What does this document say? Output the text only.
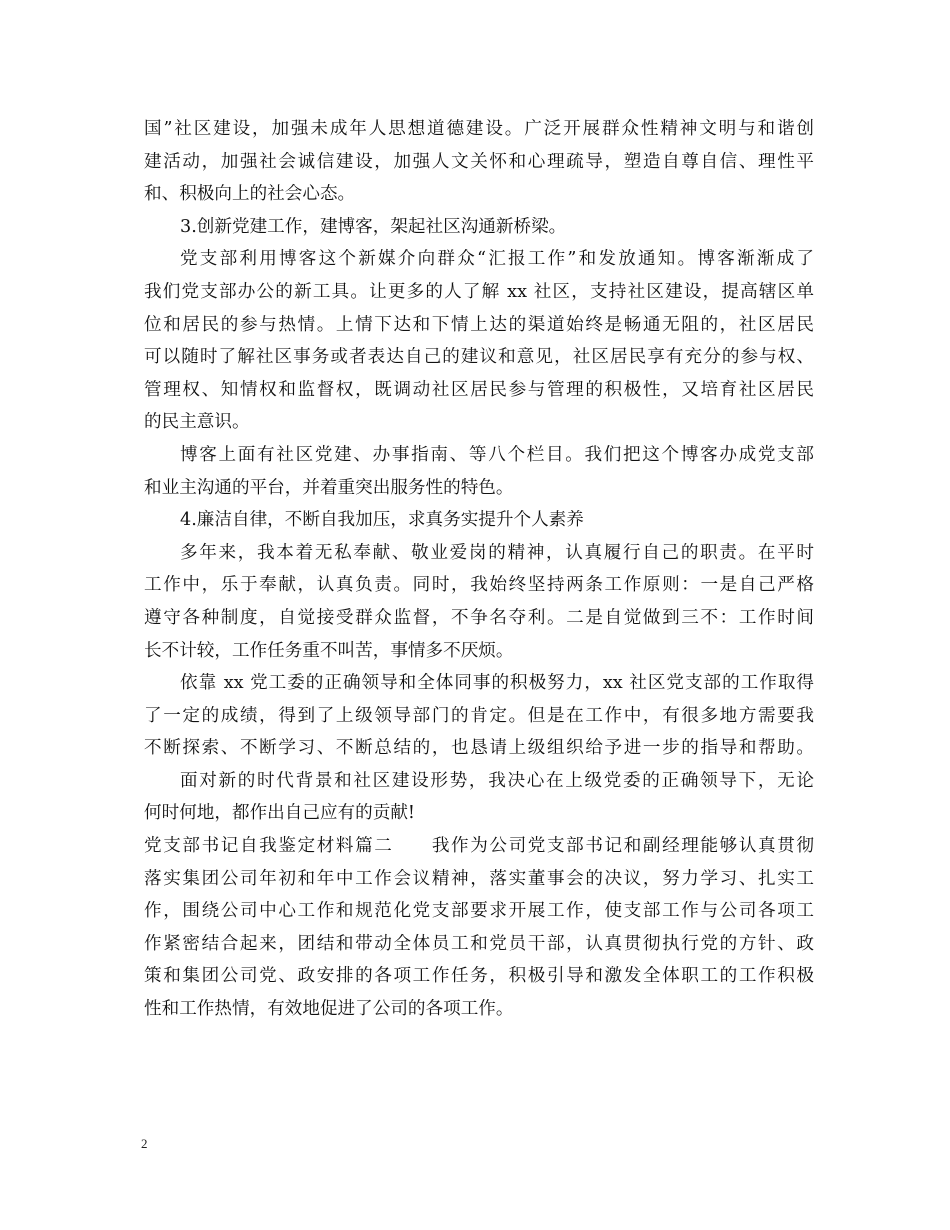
国”社区建设，加强未成年人思想道德建设。广泛开展群众性精神文明与和谐创
建活动，加强社会诚信建设，加强人文关怀和心理疏导，塑造自尊自信、理性平
和、积极向上的社会心态。
3.创新党建工作，建博客，架起社区沟通新桥梁。
党支部利用博客这个新媒介向群众“汇报工作”和发放通知。博客渐渐成了
我们党支部办公的新工具。让更多的人了解 xx 社区，支持社区建设，提高辖区单
位和居民的参与热情。上情下达和下情上达的渠道始终是畅通无阻的，社区居民
可以随时了解社区事务或者表达自己的建议和意见，社区居民享有充分的参与权、
管理权、知情权和监督权，既调动社区居民参与管理的积极性，又培育社区居民
的民主意识。
博客上面有社区党建、办事指南、等八个栏目。我们把这个博客办成党支部
和业主沟通的平台，并着重突出服务性的特色。
4.廉洁自律，不断自我加压，求真务实提升个人素养
多年来，我本着无私奉献、敬业爱岗的精神，认真履行自己的职责。在平时
工作中，乐于奉献，认真负责。同时，我始终坚持两条工作原则：一是自己严格
遵守各种制度，自觉接受群众监督，不争名夺利。二是自觉做到三不：工作时间
长不计较，工作任务重不叫苦，事情多不厌烦。
依靠 xx 党工委的正确领导和全体同事的积极努力，xx 社区党支部的工作取得
了一定的成绩，得到了上级领导部门的肯定。但是在工作中，有很多地方需要我
不断探索、不断学习、不断总结的，也恳请上级组织给予进一步的指导和帮助。
面对新的时代背景和社区建设形势，我决心在上级党委的正确领导下，无论
何时何地，都作出自己应有的贡献!
党支部书记自我鉴定材料篇二　　我作为公司党支部书记和副经理能够认真贯彻
落实集团公司年初和年中工作会议精神，落实董事会的决议，努力学习、扎实工
作，围绕公司中心工作和规范化党支部要求开展工作，使支部工作与公司各项工
作紧密结合起来，团结和带动全体员工和党员干部，认真贯彻执行党的方针、政
策和集团公司党、政安排的各项工作任务，积极引导和激发全体职工的工作积极
性和工作热情，有效地促进了公司的各项工作。
2
